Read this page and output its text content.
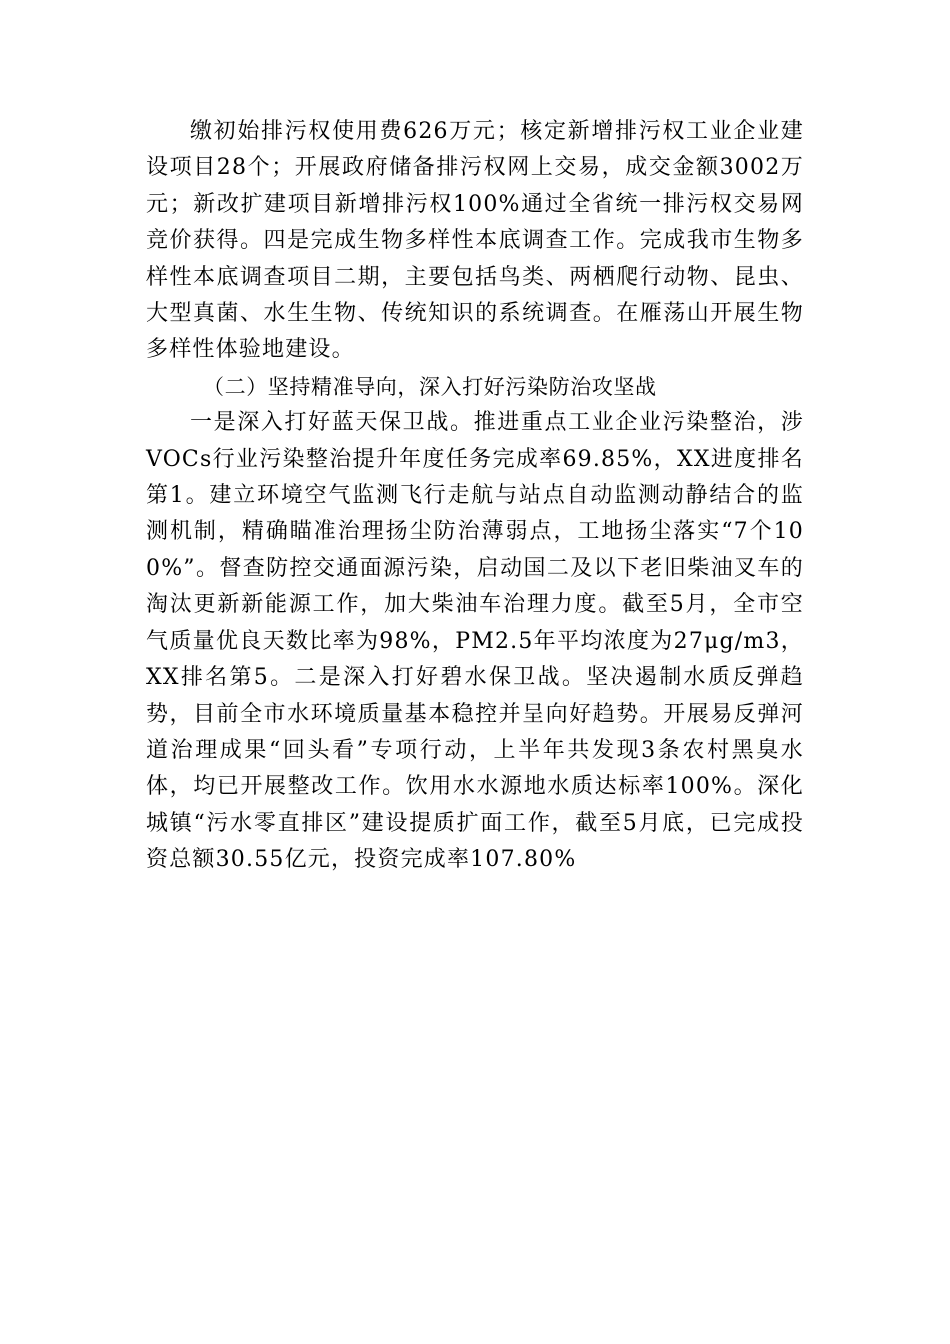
缴初始排污权使用费626万元；核定新增排污权工业企业建设项目28个；开展政府储备排污权网上交易，成交金额3002万元；新改扩建项目新增排污权100%通过全省统一排污权交易网竞价获得。四是完成生物多样性本底调查工作。完成我市生物多样性本底调查项目二期，主要包括鸟类、两栖爬行动物、昆虫、大型真菌、水生生物、传统知识的系统调查。在雁荡山开展生物多样性体验地建设。

（二）坚持精准导向，深入打好污染防治攻坚战

一是深入打好蓝天保卫战。推进重点工业企业污染整治，涉VOCs行业污染整治提升年度任务完成率69.85%，XX进度排名第1。建立环境空气监测飞行走航与站点自动监测动静结合的监测机制，精确瞄准治理扬尘防治薄弱点，工地扬尘落实“7个100%”。督查防控交通面源污染，启动国二及以下老旧柴油叉车的淘汰更新新能源工作，加大柴油车治理力度。截至5月，全市空气质量优良天数比率为98%，PM2.5年平均浓度为27μg/m3，XX排名第5。二是深入打好碧水保卫战。坚决遏制水质反弹趋势，目前全市水环境质量基本稳控并呈向好趋势。开展易反弹河道治理成果“回头看”专项行动，上半年共发现3条农村黑臭水体，均已开展整改工作。饮用水水源地水质达标率100%。深化城镇“污水零直排区”建设提质扩面工作，截至5月底，已完成投资总额30.55亿元，投资完成率107.80%
